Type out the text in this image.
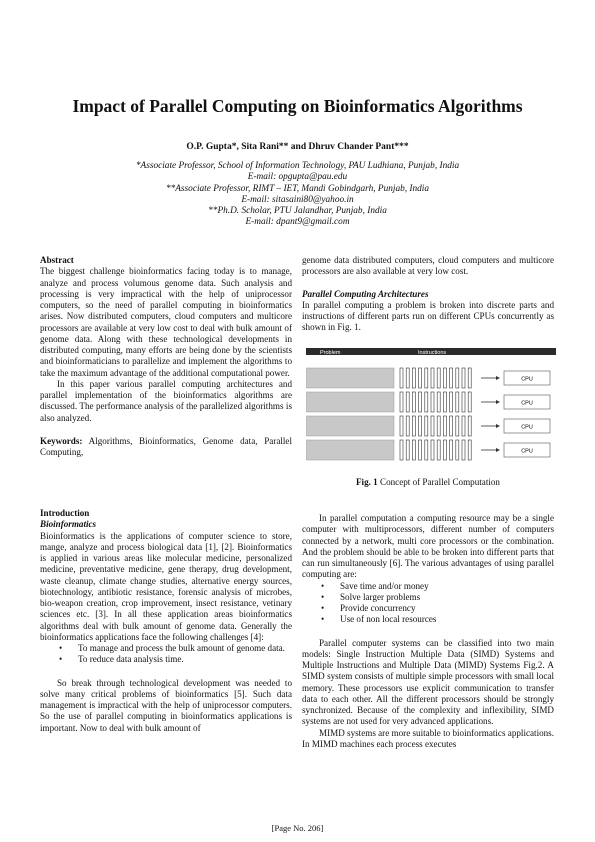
Impact of Parallel Computing on Bioinformatics Algorithms
O.P. Gupta*, Sita Rani** and Dhruv Chander Pant***
*Associate Professor, School of Information Technology, PAU Ludhiana, Punjab, India
E-mail: opgupta@pau.edu
**Associate Professor, RIMT – IET, Mandi Gobindgarh, Punjab, India
E-mail: sitasaini80@yahoo.in
**Ph.D. Scholar, PTU Jalandhar, Punjab, India
E-mail: dpant9@gmail.com
Abstract
The biggest challenge bioinformatics facing today is to manage, analyze and process volumous genome data. Such analysis and processing is very impractical with the help of uniprocessor computers, so the need of parallel computing in bioinformatics arises. Now distributed computers, cloud computers and multicore processors are available at very low cost to deal with bulk amount of genome data. Along with these technological developments in distributed computing, many efforts are being done by the scientists and bioinformaticians to parallelize and implement the algorithms to take the maximum advantage of the additional computational power.
In this paper various parallel computing architectures and parallel implementation of the bioinformatics algorithms are discussed. The performance analysis of the parallelized algorithms is also analyzed.
Keywords: Algorithms, Bioinformatics, Genome data, Parallel Computing,
Introduction
Bioinformatics
Bioinformatics is the applications of computer science to store, mange, analyze and process biological data [1], [2]. Bioinformatics is applied in various areas like molecular medicine, personalized medicine, preventative medicine, gene therapy, drug development, waste cleanup, climate change studies, alternative energy sources, biotechnology, antibiotic resistance, forensic analysis of microbes, bio-weapon creation, crop improvement, insect resistance, vetinary sciences etc. [3]. In all these application areas bioinformatics algorithms deal with bulk amount of genome data. Generally the bioinformatics applications face the following challenges [4]:
• To manage and process the bulk amount of genome data.
• To reduce data analysis time.
So break through technological development was needed to solve many critical problems of bioinformatics [5]. Such data management is impractical with the help of uniprocessor computers. So the use of parallel computing in bioinformatics applications is important. Now to deal with bulk amount of
genome data distributed computers, cloud computers and multicore processors are also available at very low cost.
Parallel Computing Architectures
In parallel computing a problem is broken into discrete parts and instructions of different parts run on different CPUs concurrently as shown in Fig. 1.
Problem	Instructions
CPU
CPU
CPU
CPU
Fig. 1 Concept of Parallel Computation
In parallel computation a computing resource may be a single computer with multiprocessors, different number of computers connected by a network, multi core processors or the combination. And the problem should be able to be broken into different parts that can run simultaneously [6]. The various advantages of using parallel computing are:
• Save time and/or money
• Solve larger problems
• Provide concurrency
• Use of non local resources
Parallel computer systems can be classified into two main models: Single Instruction Multiple Data (SIMD) Systems and Multiple Instructions and Multiple Data (MIMD) Systems Fig.2. A SIMD system consists of multiple simple processors with small local memory. These processors use explicit communication to transfer data to each other. All the different processors should be strongly synchronized. Because of the complexity and inflexibility, SIMD systems are not used for very advanced applications.
MIMD systems are more suitable to bioinformatics applications. In MIMD machines each process executes
[Page No. 206]
